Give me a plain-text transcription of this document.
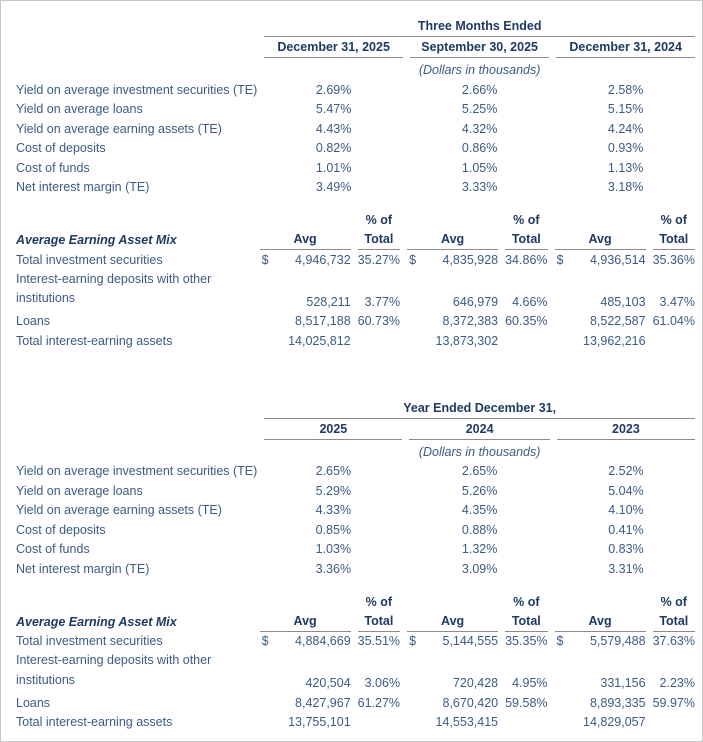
	Three Months Ended		
	December 31, 2025	September 30, 2025	December 31, 2024
		(Dollars in thousands)	
Yield on average investment securities (TE)	2.69%	2.66%	2.58%
Yield on average loans	5.47%	5.25%	5.15%
Yield on average earning assets (TE)	4.43%	4.32%	4.24%
Cost of deposits	0.82%	0.86%	0.93%
Cost of funds	1.01%	1.05%	1.13%
Net interest margin (TE)	3.49%	3.33%	3.18%
		% of		% of		% of
Average Earning Asset Mix	Avg	Total	Avg	Total	Avg	Total
Total investment securities	$ 4,946,732	35.27%	$ 4,835,928	34.86%	$ 4,936,514	35.36%

Interest-earning deposits with other
institutions	528,211	3.77%	646,979	4.66%	485,103	3.47%
Loans	8,517,188	60.73%	8,372,383	60.35%	8,522,587	61.04%
Total interest-earning assets	14,025,812		13,873,302		13,962,216	
	Year Ended December 31,		
	2025	2024	2023
		(Dollars in thousands)	
Yield on average investment securities (TE)	2.65%	2.65%	2.52%
Yield on average loans	5.29%	5.26%	5.04%
Yield on average earning assets (TE)	4.33%	4.35%	4.10%
Cost of deposits	0.85%	0.88%	0.41%
Cost of funds	1.03%	1.32%	0.83%
Net interest margin (TE)	3.36%	3.09%	3.31%
		% of		% of		% of
Average Earning Asset Mix	Avg	Total	Avg	Total	Avg	Total
Total investment securities	$ 4,884,669	35.51%	$ 5,144,555	35.35%	$ 5,579,488	37.63%

Interest-earning deposits with other
institutions	420,504	3.06%	720,428	4.95%	331,156	2.23%
Loans	8,427,967	61.27%	8,670,420	59.58%	8,893,335	59.97%
Total interest-earning assets	13,755,101		14,553,415		14,829,057	
